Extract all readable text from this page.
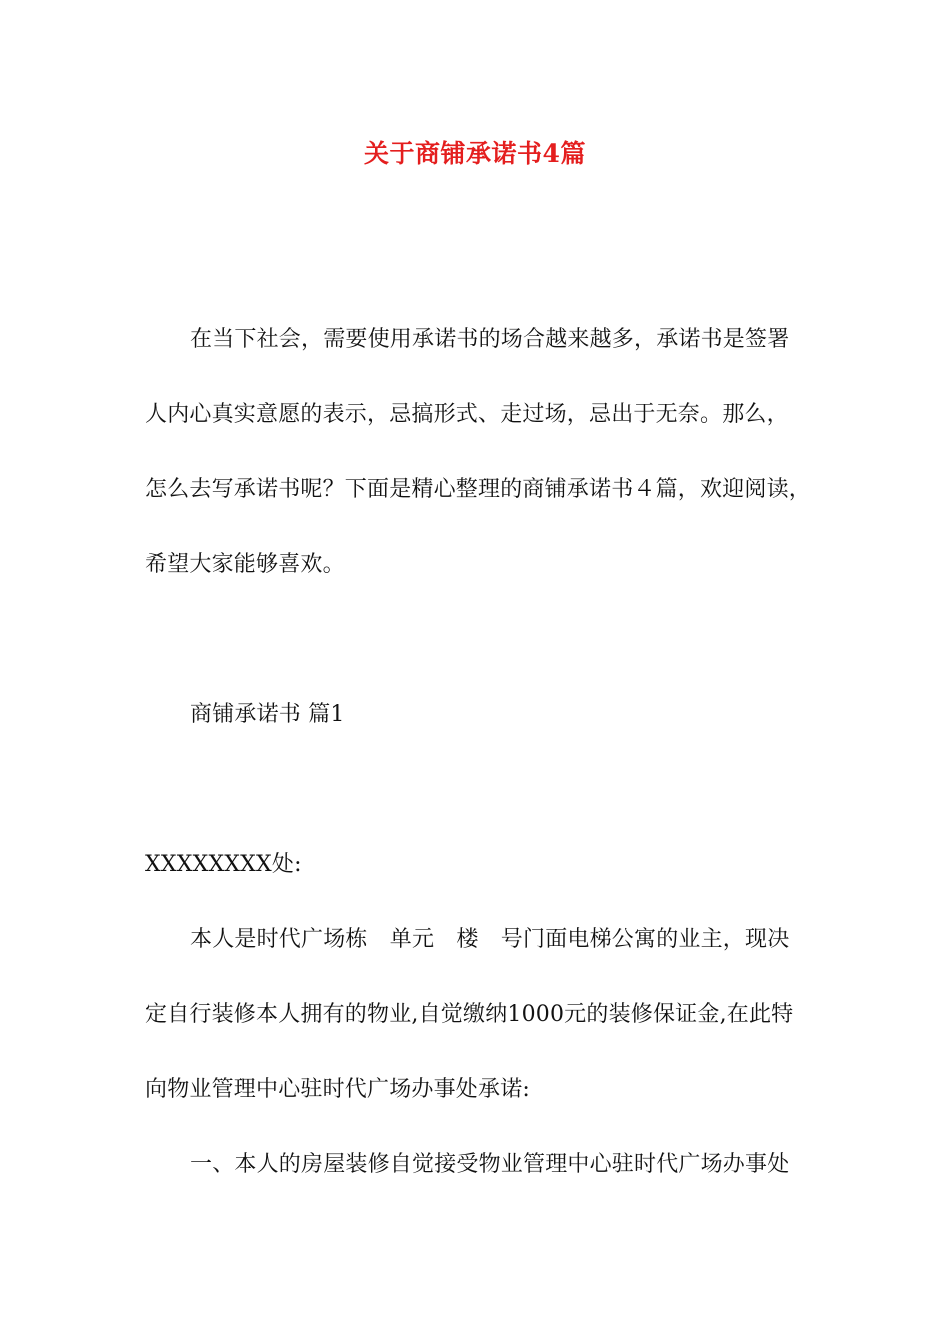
关于商铺承诺书4篇
在当下社会，需要使用承诺书的场合越来越多，承诺书是签署
人内心真实意愿的表示，忌搞形式、走过场，忌出于无奈。那么，
怎么去写承诺书呢？下面是精心整理的商铺承诺书４篇，欢迎阅读，
希望大家能够喜欢。
商铺承诺书 篇1
XXXXXXXX处:
本人是时代广场栋　单元　楼　号门面电梯公寓的业主，现决
定自行装修本人拥有的物业,自觉缴纳1000元的装修保证金,在此特
向物业管理中心驻时代广场办事处承诺:
一、本人的房屋装修自觉接受物业管理中心驻时代广场办事处
